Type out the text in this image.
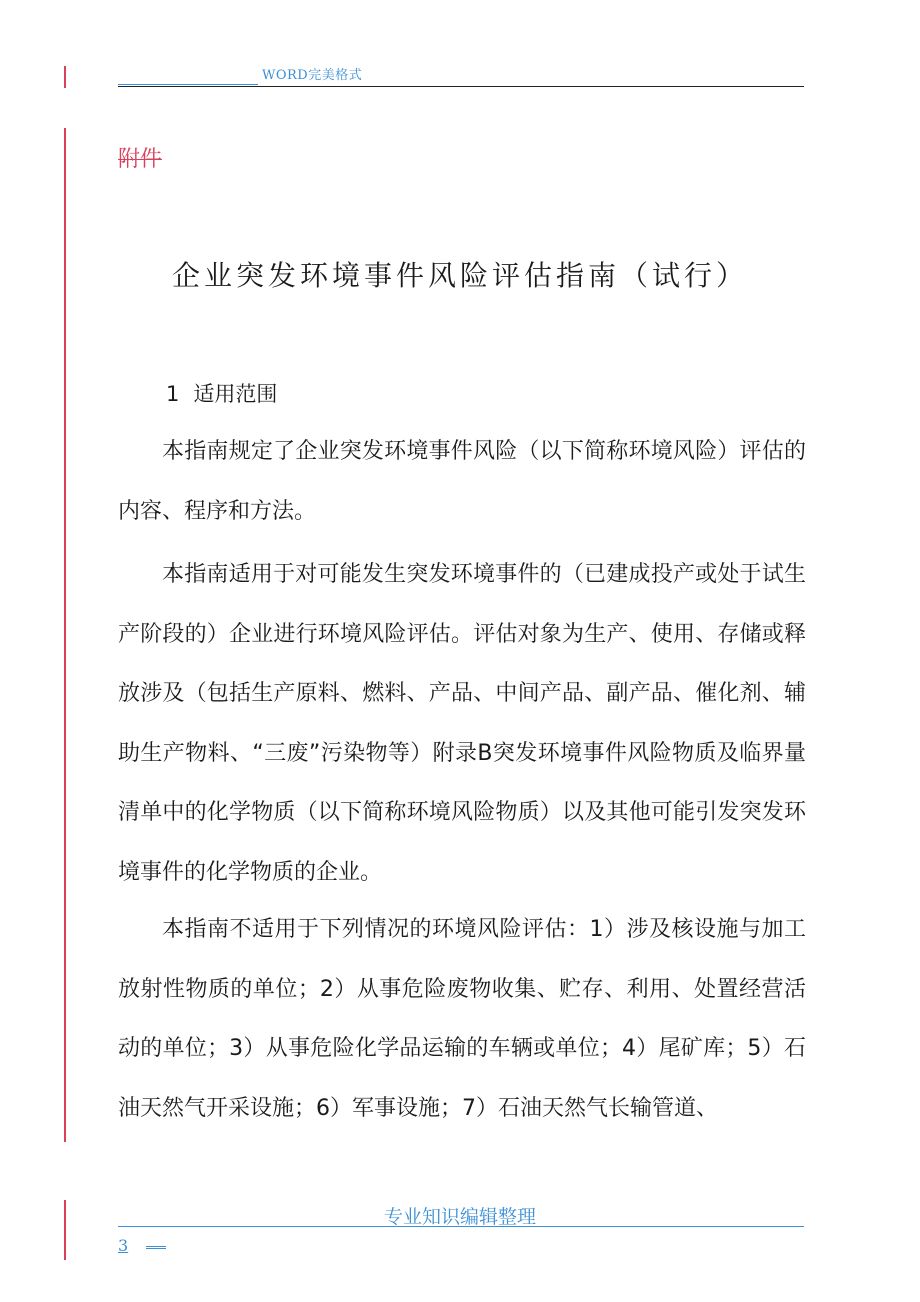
WORD完美格式
附件
企业突发环境事件风险评估指南（试行）
1 适用范围

本指南规定了企业突发环境事件风险（以下简称环境风险）评估的内容、程序和方法。

本指南适用于对可能发生突发环境事件的（已建成投产或处于试生产阶段的）企业进行环境风险评估。评估对象为生产、使用、存储或释放涉及（包括生产原料、燃料、产品、中间产品、副产品、催化剂、辅助生产物料、“三废”污染物等）附录B突发环境事件风险物质及临界量清单中的化学物质（以下简称环境风险物质）以及其他可能引发突发环境事件的化学物质的企业。

本指南不适用于下列情况的环境风险评估：1）涉及核设施与加工放射性物质的单位；2）从事危险废物收集、贮存、利用、处置经营活动的单位；3）从事危险化学品运输的车辆或单位；4）尾矿库；5）石油天然气开采设施；6）军事设施；7）石油天然气长输管道、

专业知识编辑整理
3
